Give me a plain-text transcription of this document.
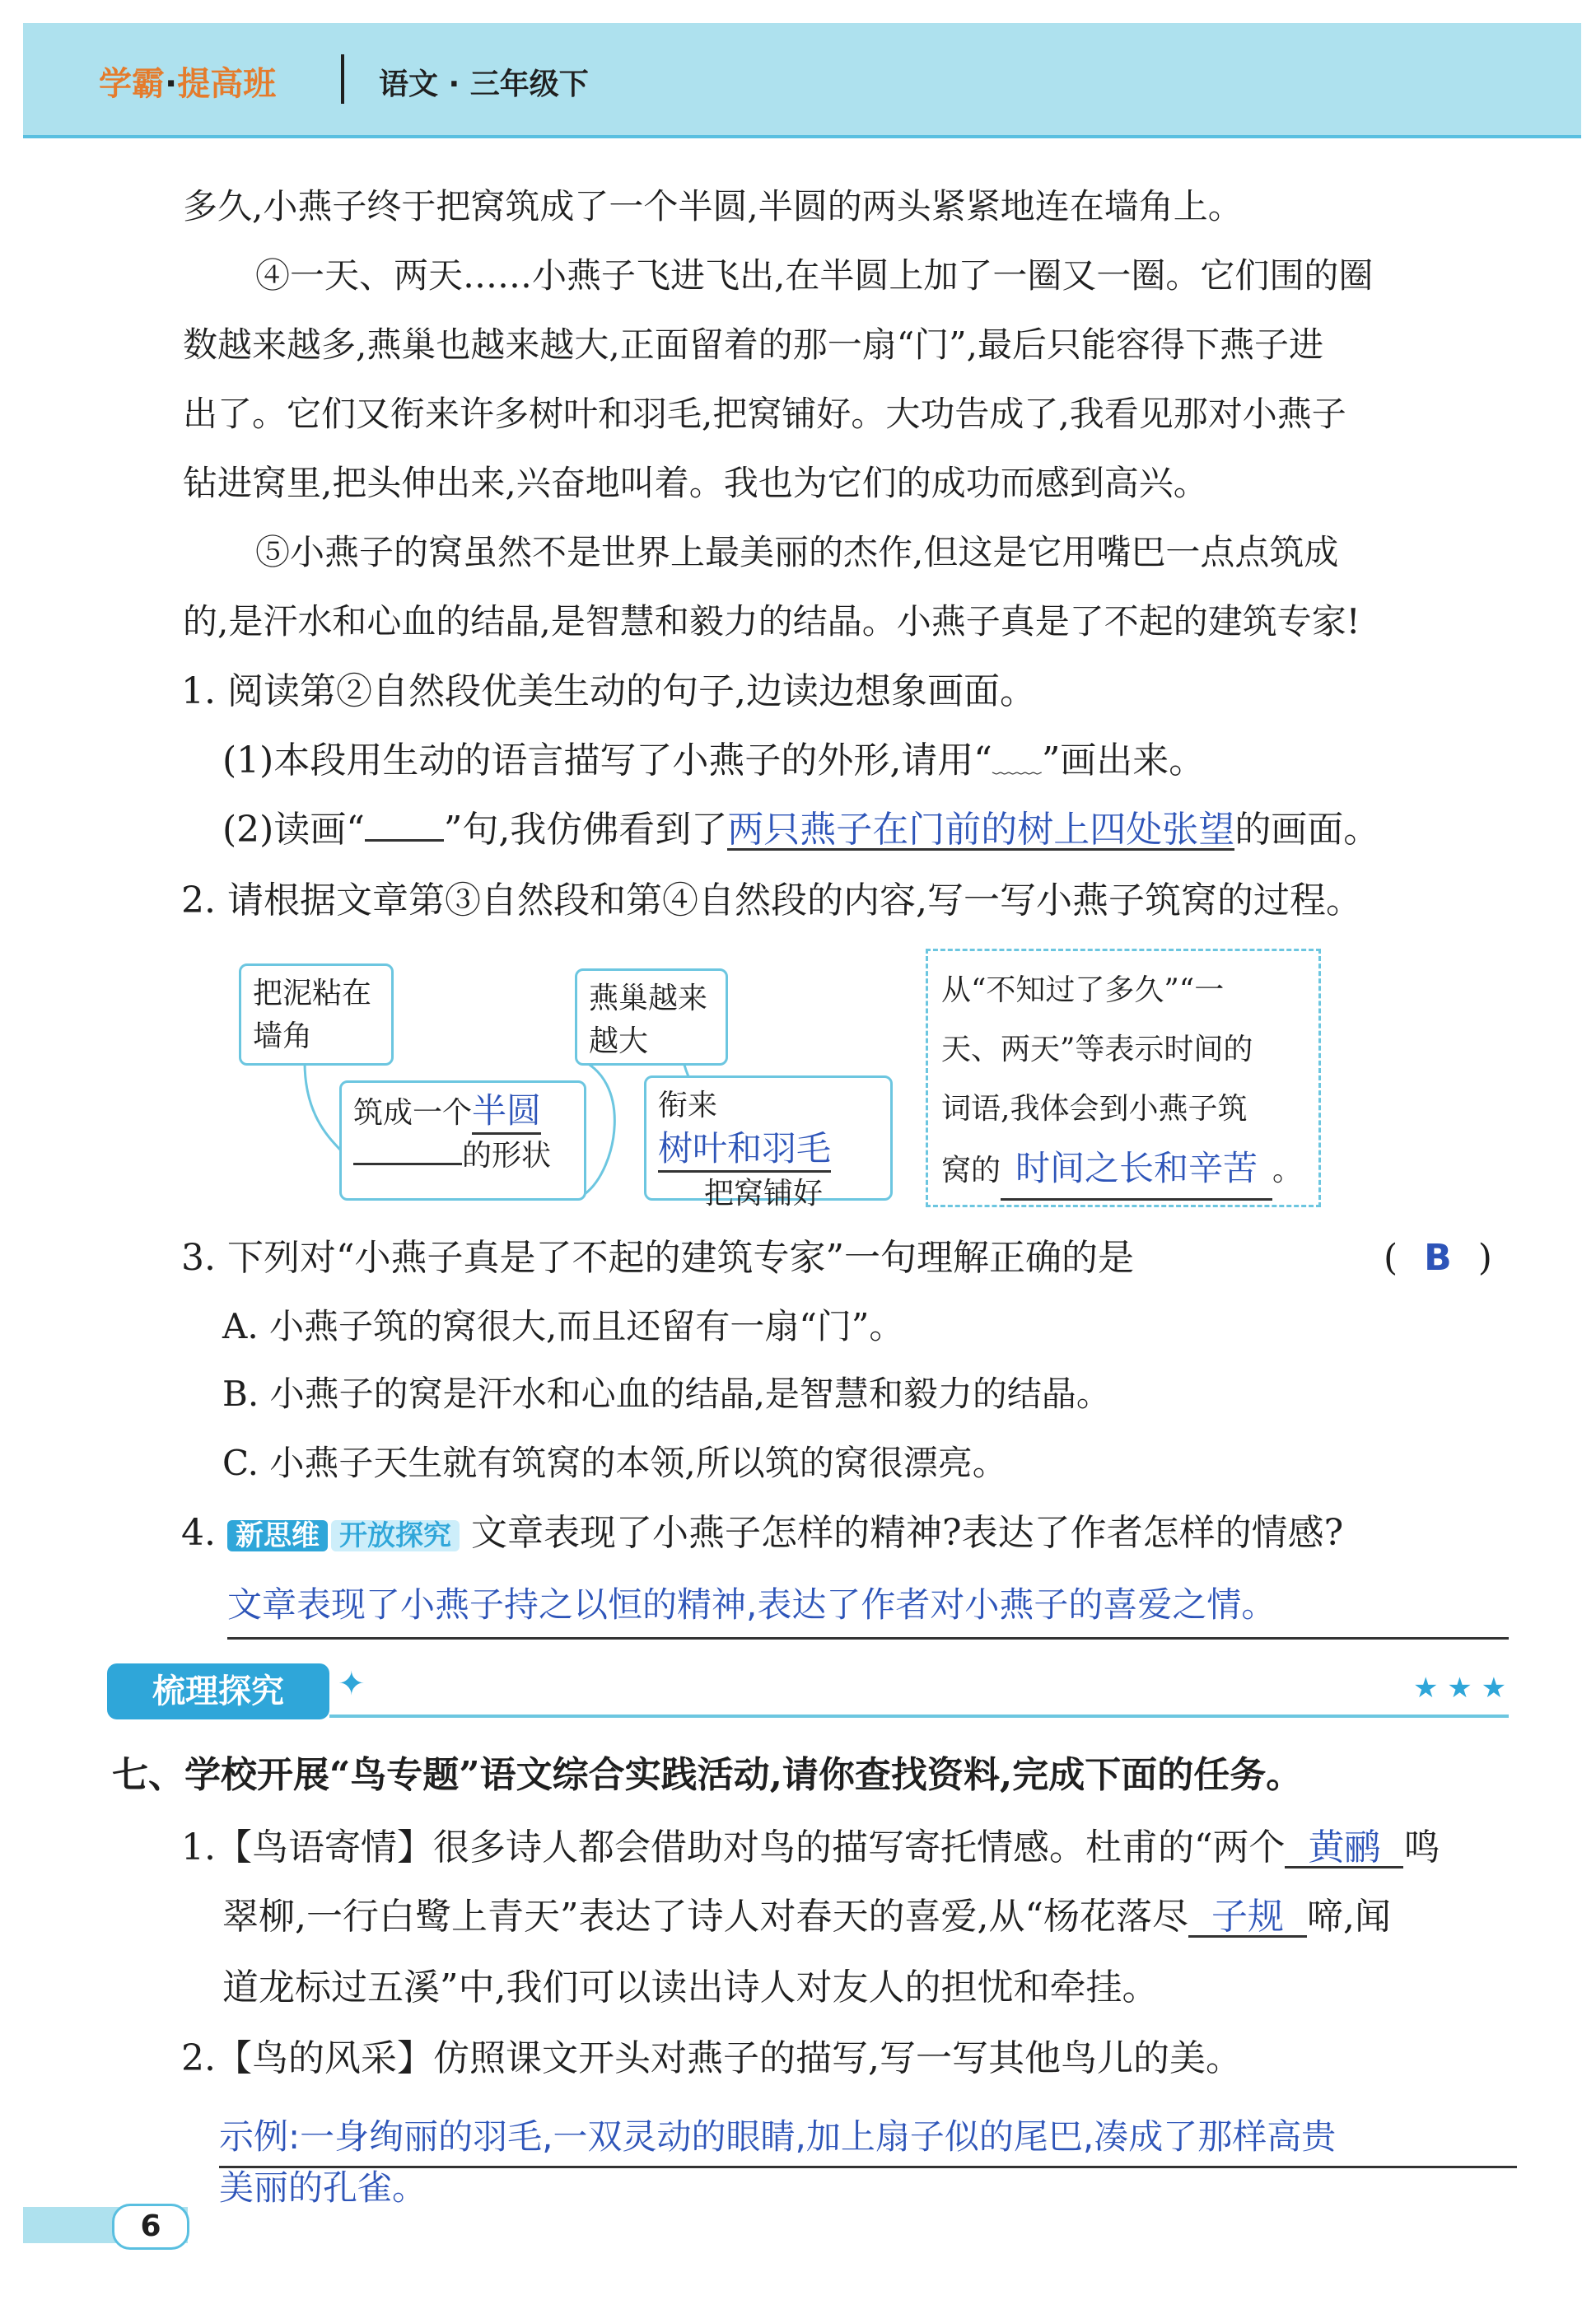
学霸·提高班	语文 · 三年级下
多久,小燕子终于把窝筑成了一个半圆,半圆的两头紧紧地连在墙角上。
④一天、两天……小燕子飞进飞出,在半圆上加了一圈又一圈。它们围的圈
数越来越多,燕巢也越来越大,正面留着的那一扇“门”,最后只能容得下燕子进
出了。它们又衔来许多树叶和羽毛,把窝铺好。大功告成了,我看见那对小燕子
钻进窝里,把头伸出来,兴奋地叫着。我也为它们的成功而感到高兴。
⑤小燕子的窝虽然不是世界上最美丽的杰作,但这是它用嘴巴一点点筑成
的,是汗水和心血的结晶,是智慧和毅力的结晶。小燕子真是了不起的建筑专家!
1. 阅读第②自然段优美生动的句子,边读边想象画面。
(1)本段用生动的语言描写了小燕子的外形,请用“﹏﹏”画出来。
(2)读画“ ”句,我仿佛看到了两只燕子在门前的树上四处张望的画面。
2. 请根据文章第③自然段和第④自然段的内容,写一写小燕子筑窝的过程。
把泥粘在
墙角
筑成一个半圆
的形状
燕巢越来
越大
衔来树叶和羽毛
把窝铺好
从“不知过了多久”“一
天、两天”等表示时间的
词语,我体会到小燕子筑
窝的 时间之长和辛苦 。
3. 下列对“小燕子真是了不起的建筑专家”一句理解正确的是	( B )
A. 小燕子筑的窝很大,而且还留有一扇“门”。
B. 小燕子的窝是汗水和心血的结晶,是智慧和毅力的结晶。
C. 小燕子天生就有筑窝的本领,所以筑的窝很漂亮。
4. 新思维 开放探究 文章表现了小燕子怎样的精神?表达了作者怎样的情感?
文章表现了小燕子持之以恒的精神,表达了作者对小燕子的喜爱之情。
梳理探究	✦	★ ★ ★
七、学校开展“鸟专题”语文综合实践活动,请你查找资料,完成下面的任务。
1.【鸟语寄情】很多诗人都会借助对鸟的描写寄托情感。杜甫的“两个 黄鹂 鸣
翠柳,一行白鹭上青天”表达了诗人对春天的喜爱,从“杨花落尽 子规 啼,闻
道龙标过五溪”中,我们可以读出诗人对友人的担忧和牵挂。
2.【鸟的风采】仿照课文开头对燕子的描写,写一写其他鸟儿的美。
示例:一身绚丽的羽毛,一双灵动的眼睛,加上扇子似的尾巴,凑成了那样高贵
美丽的孔雀。
6
